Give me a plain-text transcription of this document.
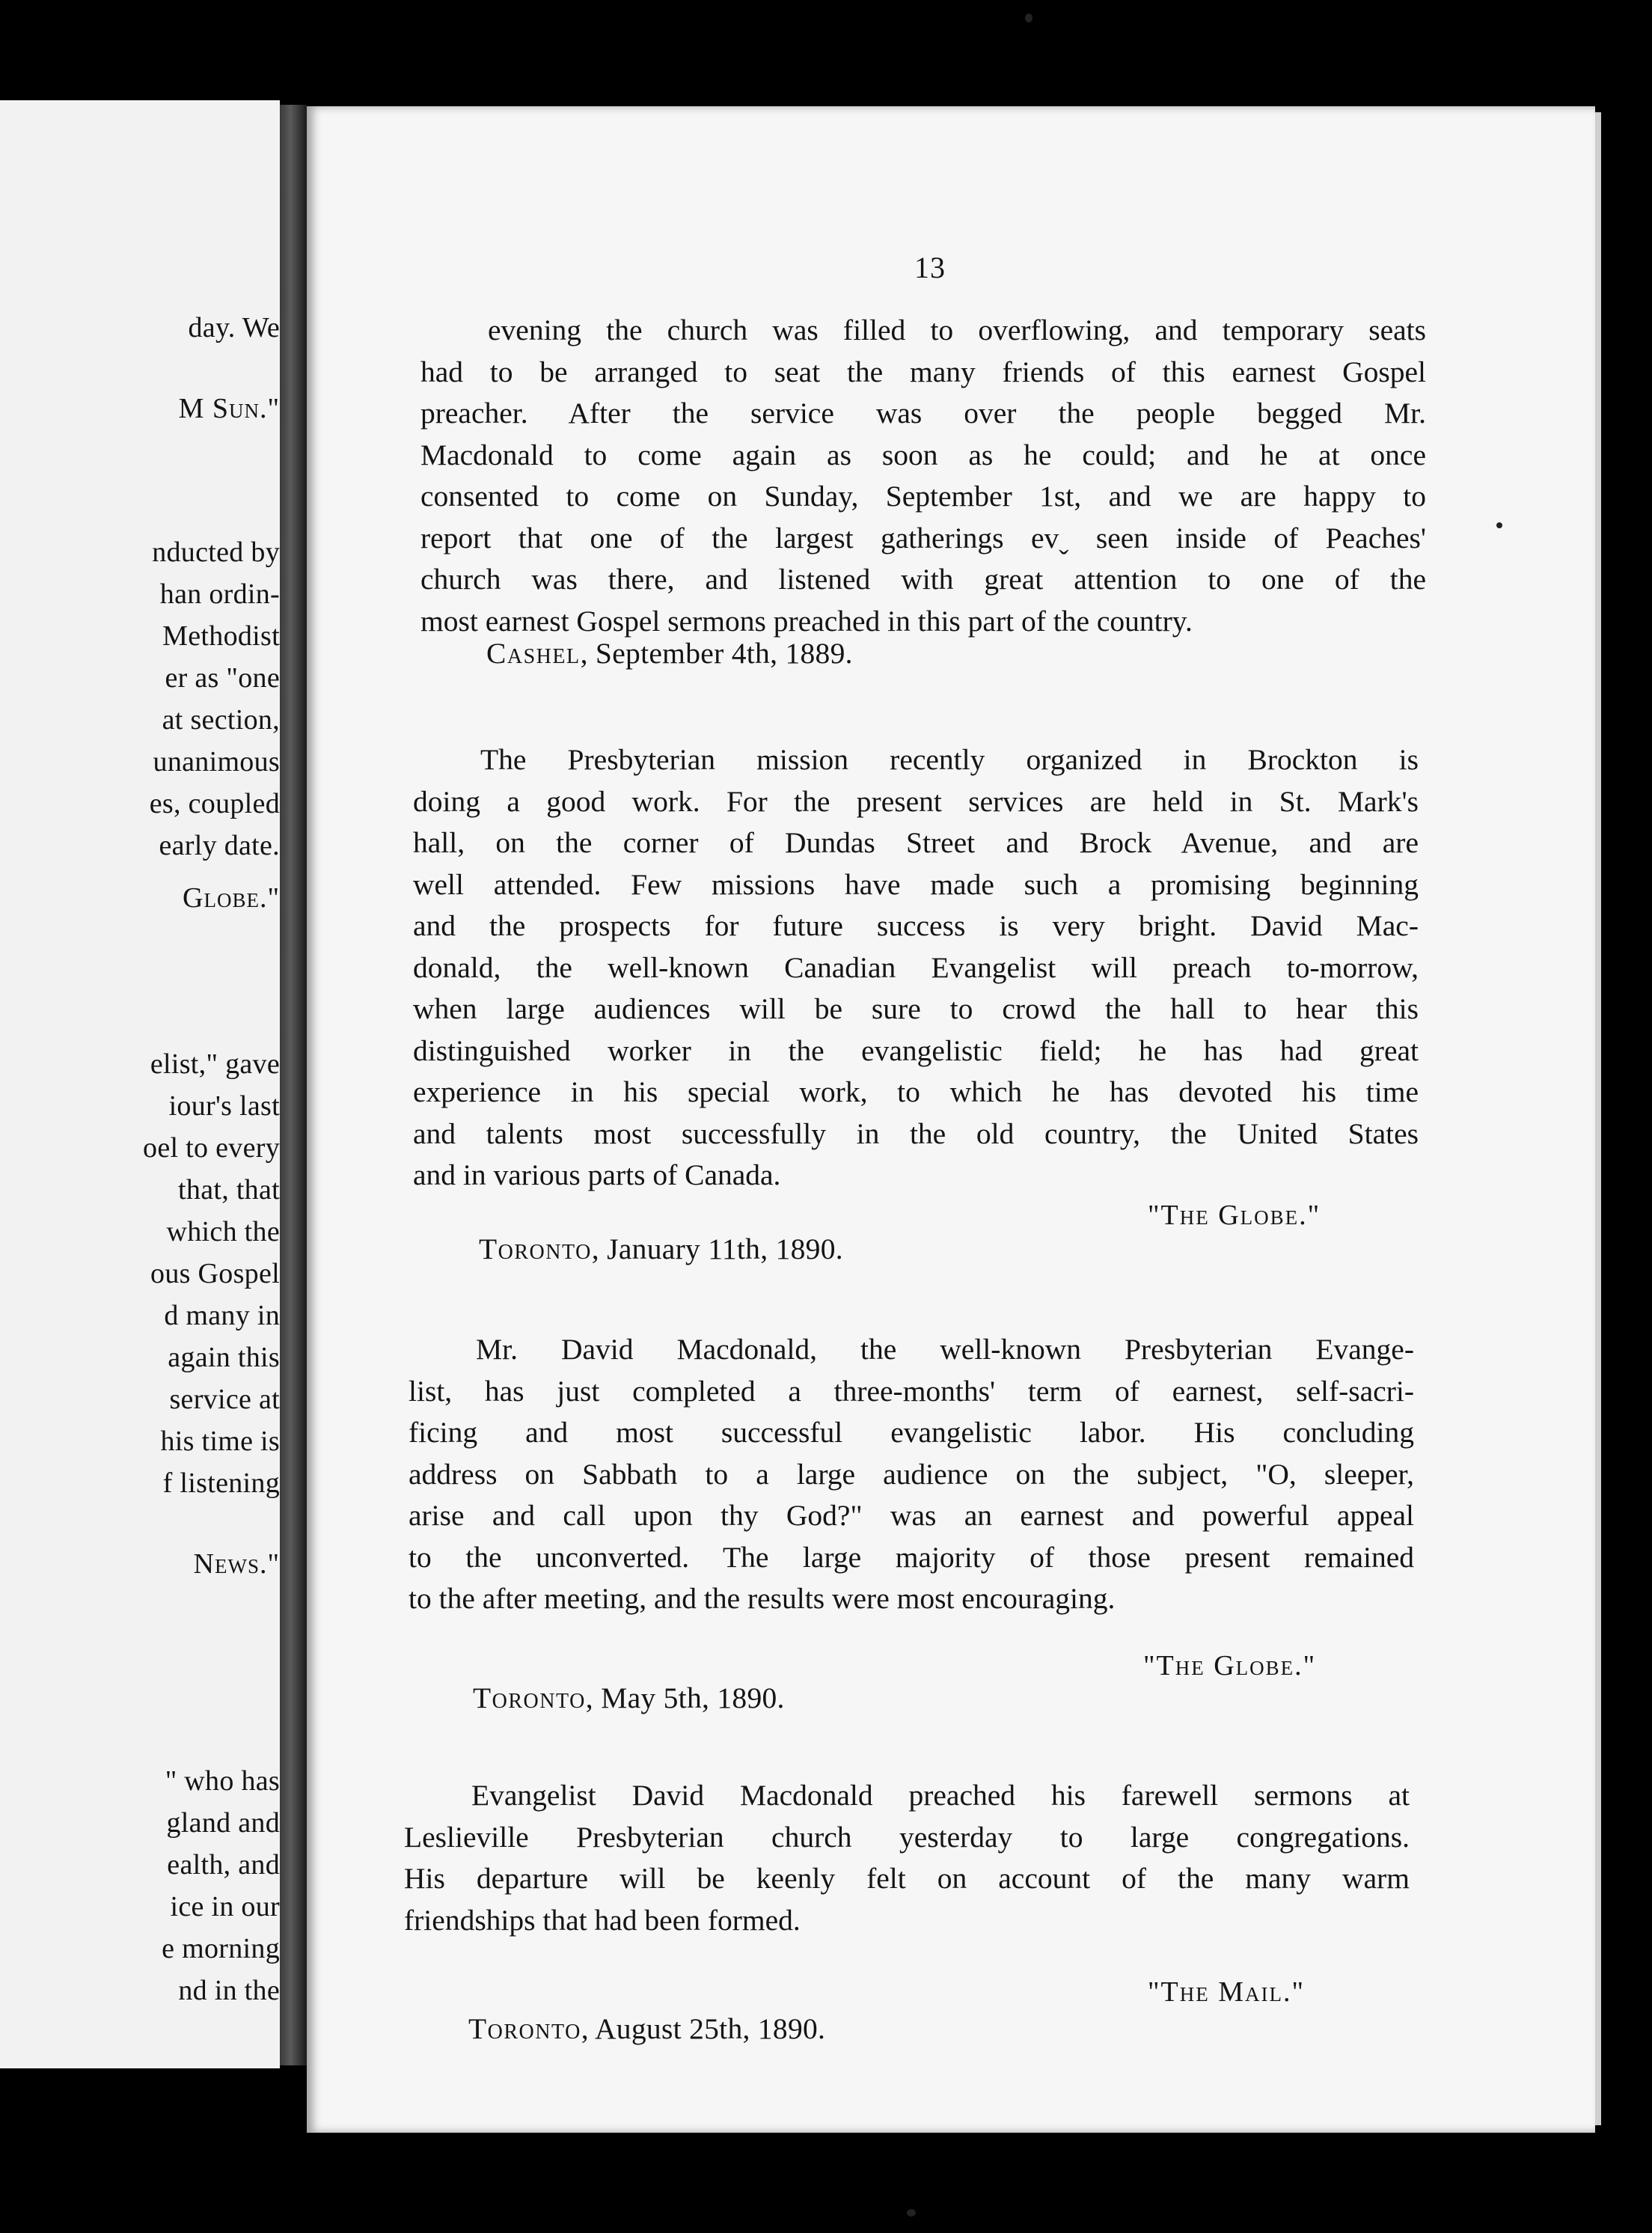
day. We
M Sun."
nducted by
han ordin-
Methodist
er as "one
at section,
unanimous
es, coupled
early date.
Globe."
elist," gave
iour's last
oel to every
that, that
which the
ous Gospel
d many in
again this
service at
his time is
f listening
News."
" who has
gland and
ealth, and
ice in our
e morning
nd in the
13
evening the church was filled to overflowing, and temporary seats
had to be arranged to seat the many friends of this earnest Gospel
preacher. After the service was over the people begged Mr.
Macdonald to come again as soon as he could; and he at once
consented to come on Sunday, September 1st, and we are happy to
report that one of the largest gatherings evˬ seen inside of Peaches'
church was there, and listened with great attention to one of the
most earnest Gospel sermons preached in this part of the country.
Cashel, September 4th, 1889.
The Presbyterian mission recently organized in Brockton is
doing a good work. For the present services are held in St. Mark's
hall, on the corner of Dundas Street and Brock Avenue, and are
well attended. Few missions have made such a promising beginning
and the prospects for future success is very bright. David Mac-
donald, the well-known Canadian Evangelist will preach to-morrow,
when large audiences will be sure to crowd the hall to hear this
distinguished worker in the evangelistic field; he has had great
experience in his special work, to which he has devoted his time
and talents most successfully in the old country, the United States
and in various parts of Canada.
"The Globe."
Toronto, January 11th, 1890.
Mr. David Macdonald, the well-known Presbyterian Evange-
list, has just completed a three-months' term of earnest, self-sacri-
ficing and most successful evangelistic labor. His concluding
address on Sabbath to a large audience on the subject, "O, sleeper,
arise and call upon thy God?" was an earnest and powerful appeal
to the unconverted. The large majority of those present remained
to the after meeting, and the results were most encouraging.
"The Globe."
Toronto, May 5th, 1890.
Evangelist David Macdonald preached his farewell sermons at
Leslieville Presbyterian church yesterday to large congregations.
His departure will be keenly felt on account of the many warm
friendships that had been formed.
"The Mail."
Toronto, August 25th, 1890.
